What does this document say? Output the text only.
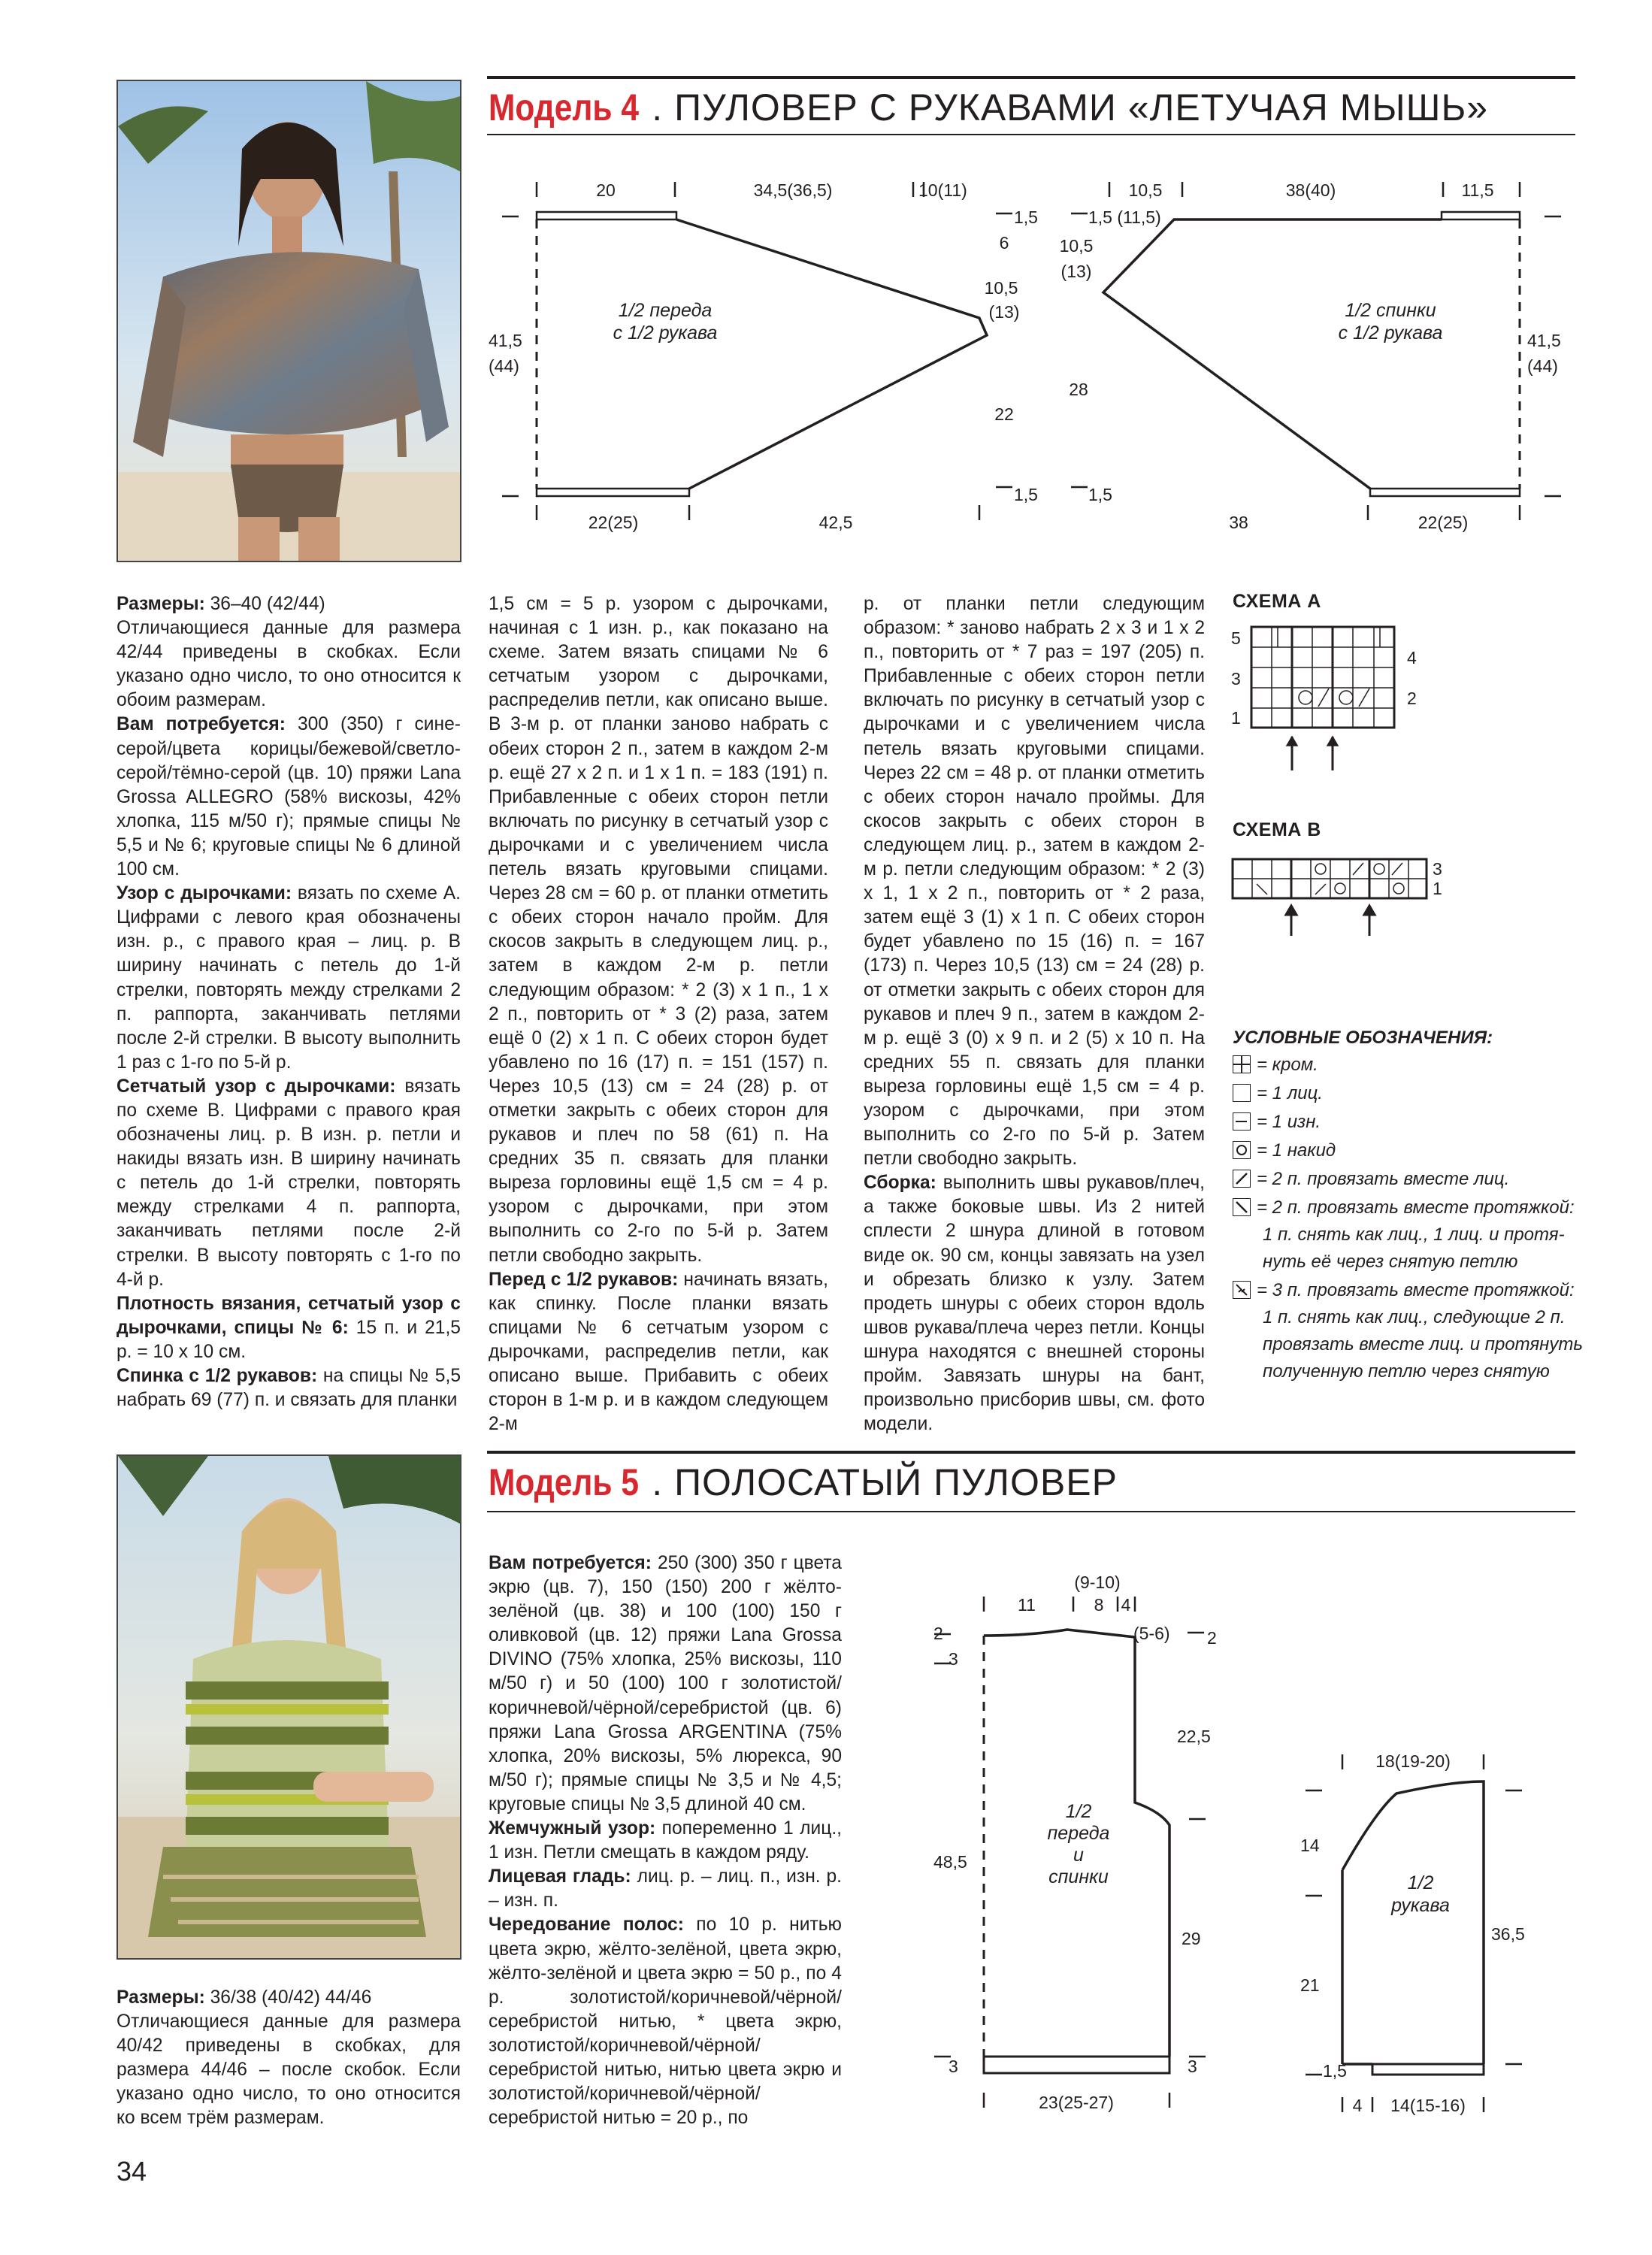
Модель 4 . ПУЛОВЕР С РУКАВАМИ «ЛЕТУЧАЯ МЫШЬ»
20	34,5(36,5)	10(11)
1,5
6
10,5
(13)
41,5
(44)
22
1,5
22(25)	42,5
10,5
1,5 (11,5)
10,5
(13)
38(40)	11,5
28
1,5
38	22(25)
41,5
(44)
1/2 переда
с 1/2 рукава
1/2 спинки
с 1/2 рукава

Размеры: 36–40 (42/44)

Отличающиеся данные для размера 42/44 приведены в скобках. Если указано одно число, то оно относится к обоим размерам.

Вам потребуется: 300 (350) г сине-серой/цвета корицы/бежевой/светло-серой/тёмно-серой (цв. 10) пряжи Lana Grossa ALLEGRO (58% вискозы, 42% хлопка, 115 м/50 г); прямые спицы № 5,5 и № 6; круговые спицы № 6 длиной 100 см.

Узор с дырочками: вязать по схеме А. Цифрами с левого края обозначены изн. р., с правого края – лиц. р. В ширину начинать с петель до 1-й стрелки, повторять между стрелками 2 п. раппорта, заканчивать петлями после 2-й стрелки. В высоту выполнить 1 раз с 1-го по 5-й р.

Сетчатый узор с дырочками: вязать по схеме В. Цифрами с правого края обозначены лиц. р. В изн. р. петли и накиды вязать изн. В ширину начинать с петель до 1-й стрелки, повторять между стрелками 4 п. раппорта, заканчивать петлями после 2-й стрелки. В высоту повторять с 1-го по 4-й р.

Плотность вязания, сетчатый узор с дырочками, спицы № 6: 15 п. и 21,5 р. = 10 х 10 см.

Спинка с 1/2 рукавов: на спицы № 5,5 набрать 69 (77) п. и связать для планки

1,5 см = 5 р. узором с дырочками, начиная с 1 изн. р., как показано на схеме. Затем вязать спицами № 6 сетчатым узором с дырочками, распределив петли, как описано выше. В 3-м р. от планки заново набрать с обеих сторон 2 п., затем в каждом 2-м р. ещё 27 х 2 п. и 1 х 1 п. = 183 (191) п. Прибавленные с обеих сторон петли включать по рисунку в сетчатый узор с дырочками и с увеличением числа петель вязать круговыми спицами. Через 28 см = 60 р. от планки отметить с обеих сторон начало пройм. Для скосов закрыть в следующем лиц. р., затем в каждом 2-м р. петли следующим образом: * 2 (3) х 1 п., 1 х 2 п., повторить от * 3 (2) раза, затем ещё 0 (2) х 1 п. С обеих сторон будет убавлено по 16 (17) п. = 151 (157) п. Через 10,5 (13) см = 24 (28) р. от отметки закрыть с обеих сторон для рукавов и плеч по 58 (61) п. На средних 35 п. связать для планки выреза горловины ещё 1,5 см = 4 р. узором с дырочками, при этом выполнить со 2-го по 5-й р. Затем петли свободно закрыть.

Перед с 1/2 рукавов: начинать вязать, как спинку. После планки вязать спицами № 6 сетчатым узором с дырочками, распределив петли, как описано выше. Прибавить с обеих сторон в 1-м р. и в каждом следующем 2-м

р. от планки петли следующим образом: * заново набрать 2 х 3 и 1 х 2 п., повторить от * 7 раз = 197 (205) п. Прибавленные с обеих сторон петли включать по рисунку в сетчатый узор с дырочками и с увеличением числа петель вязать круговыми спицами. Через 22 см = 48 р. от планки отметить с обеих сторон начало проймы. Для скосов закрыть с обеих сторон в следующем лиц. р., затем в каждом 2-м р. петли следующим образом: * 2 (3) х 1, 1 х 2 п., повторить от * 2 раза, затем ещё 3 (1) х 1 п. С обеих сторон будет убавлено по 15 (16) п. = 167 (173) п. Через 10,5 (13) см = 24 (28) р. от отметки закрыть с обеих сторон для рукавов и плеч 9 п., затем в каждом 2-м р. ещё 3 (0) х 9 п. и 2 (5) х 10 п. На средних 55 п. связать для планки выреза горловины ещё 1,5 см = 4 р. узором с дырочками, при этом выполнить со 2-го по 5-й р. Затем петли свободно закрыть.

Сборка: выполнить швы рукавов/плеч, а также боковые швы. Из 2 нитей сплести 2 шнура длиной в готовом виде ок. 90 см, концы завязать на узел и обрезать близко к узлу. Затем продеть шнуры с обеих сторон вдоль швов рукава/плеча через петли. Концы шнура находятся с внешней стороны пройм. Завязать шнуры на бант, произвольно присборив швы, см. фото модели.

СХЕМА А
5
3
1
4
2
СХЕМА В
3
1
УСЛОВНЫЕ ОБОЗНАЧЕНИЯ:
= кром.
= 1 лиц.
= 1 изн.
= 1 накид
= 2 п. провязать вместе лиц.
= 2 п. провязать вместе протяжкой:
1 п. снять как лиц., 1 лиц. и протя-
нуть её через снятую петлю
= 3 п. провязать вместе протяжкой:
1 п. снять как лиц., следующие 2 п.
провязать вместе лиц. и протянуть
полученную петлю через снятую
Модель 5 . ПОЛОСАТЫЙ ПУЛОВЕР

Размеры: 36/38 (40/42) 44/46

Отличающиеся данные для размера 40/42 приведены в скобках, для размера 44/46 – после скобок. Если указано одно число, то оно относится ко всем трём размерам.

Вам потребуется: 250 (300) 350 г цвета экрю (цв. 7), 150 (150) 200 г жёлто-зелёной (цв. 38) и 100 (100) 150 г оливковой (цв. 12) пряжи Lana Grossa DIVINO (75% хлопка, 25% вискозы, 110 м/50 г) и 50 (100) 100 г золотистой/коричневой/чёрной/серебристой (цв. 6) пряжи Lana Grossa ARGENTINA (75% хлопка, 20% вискозы, 5% люрекса, 90 м/50 г); прямые спицы № 3,5 и № 4,5; круговые спицы № 3,5 длиной 40 см.

Жемчужный узор: попеременно 1 лиц., 1 изн. Петли смещать в каждом ряду.

Лицевая гладь: лиц. р. – лиц. п., изн. р. – изн. п.

Чередование полос: по 10 р. нитью цвета экрю, жёлто-зелёной, цвета экрю, жёлто-зелёной и цвета экрю = 50 р., по 4 р. золотистой/коричневой/чёрной/серебристой нитью, * цвета экрю, золотистой/коричневой/чёрной/серебристой нитью, нитью цвета экрю и золотистой/коричневой/чёрной/серебристой нитью = 20 р., по

(9-10)
11	8 4
(5-6) 2
2
3
22,5
48,5
29
3	3
23(25-27)
1/2
переда
и
спинки
18(19-20)
14
36,5
21
1,5
4 14(15-16)
1/2
рукава
34
